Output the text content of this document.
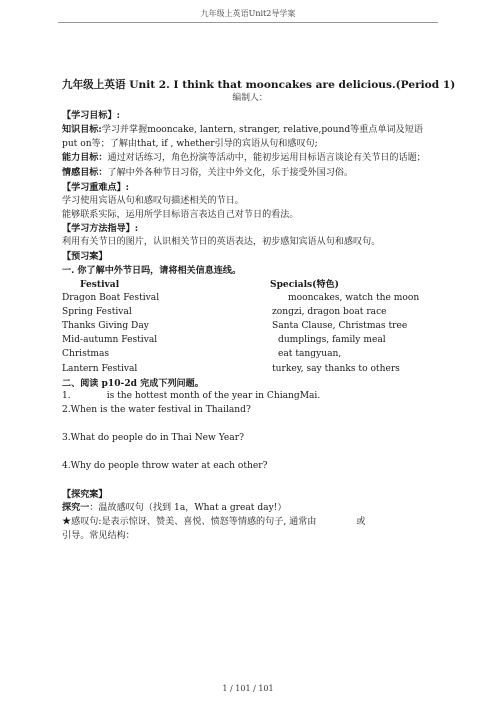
九年级上英语Unit2导学案
九年级上英语 Unit 2. I think that mooncakes are delicious.(Period 1)
编制人：
【学习目标】:
知识目标:学习并掌握mooncake, lantern, stranger, relative,pound等重点单词及短语 put on等；了解由that, if , whether引导的宾语从句和感叹句;
能力目标：通过对话练习，角色扮演等活动中，能初步运用目标语言谈论有关节日的话题；
情感目标：了解中外各种节日习俗，关注中外文化，乐于接受外国习俗。
【学习重难点】:
学习使用宾语从句和感叹句描述相关的节日。
能够联系实际，运用所学目标语言表达自己对节日的看法。
【学习方法指导】:
利用有关节日的图片，认识相关节日的英语表达，初步感知宾语从句和感叹句。
【预习案】
一. 你了解中外节日吗，请将相关信息连线。
Festival	Specials(特色)
Dragon Boat Festival	mooncakes, watch the moon
Spring Festival	zongzi, dragon boat race
Thanks Giving Day	Santa Clause, Christmas tree
Mid-autumn Festival	dumplings, family meal
Christmas	eat tangyuan,
Lantern Festival	turkey, say thanks to others
二、阅读 p10-2d 完成下列问题。
1.	is the hottest month of the year in ChiangMai.
2.When is the water festival in Thailand?
3.What do people do in Thai New Year?
4.Why do people throw water at each other?
【探究案】
探究一：温故感叹句（找到 1a，What a great day!）
★感叹句:是表示惊讶、赞美、喜悦、愤怒等情感的句子, 通常由	或
引导。常见结构：
1 / 101 / 101
